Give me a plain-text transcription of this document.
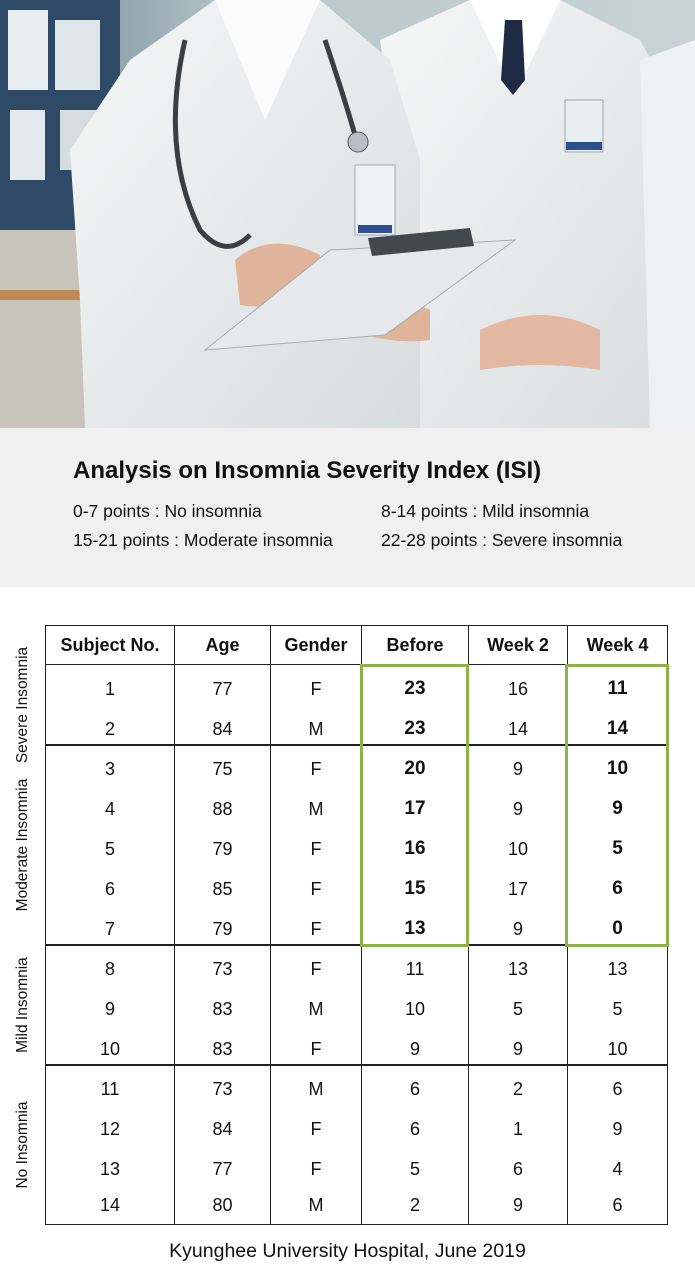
Analysis on Insomnia Severity Index (ISI)
0-7 points : No insomnia	8-14 points : Mild insomnia
15-21 points : Moderate insomnia	22-28 points : Severe insomnia
Severe Insomnia
Moderate Insomnia
Mild Insomnia
No Insomnia
Subject No.	Age	Gender	Before	Week 2	Week 4
1	77	F	23	16	11
2	84	M	23	14	14
3	75	F	20	9	10
4	88	M	17	9	9
5	79	F	16	10	5
6	85	F	15	17	6
7	79	F	13	9	0
8	73	F	11	13	13
9	83	M	10	5	5
10	83	F	9	9	10
11	73	M	6	2	6
12	84	F	6	1	9
13	77	F	5	6	4
14	80	M	2	9	6
Kyunghee University Hospital, June 2019
